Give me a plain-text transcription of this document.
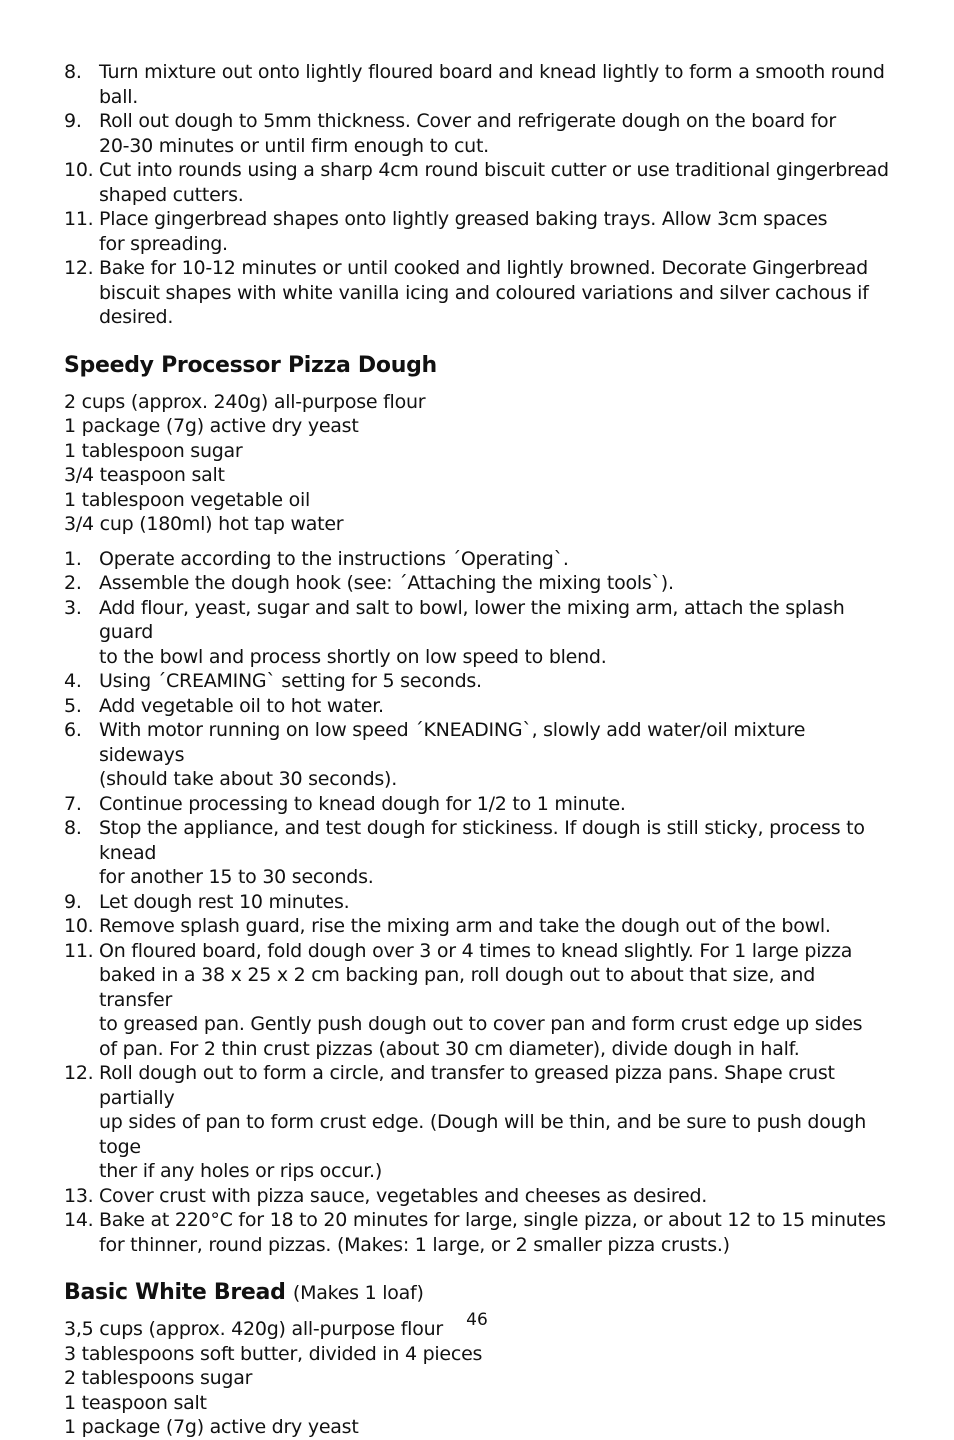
8. Turn mixture out onto lightly floured board and knead lightly to form a smooth round ball.
9. Roll out dough to 5mm thickness. Cover and refrigerate dough on the board for
20-30 minutes or until firm enough to cut.
10. Cut into rounds using a sharp 4cm round biscuit cutter or use traditional gingerbread
shaped cutters.
11. Place gingerbread shapes onto lightly greased baking trays. Allow 3cm spaces
for spreading.
12. Bake for 10-12 minutes or until cooked and lightly browned. Decorate Gingerbread
biscuit shapes with white vanilla icing and coloured variations and silver cachous if
desired.
Speedy Processor Pizza Dough
2 cups (approx. 240g) all-purpose flour
1 package (7g) active dry yeast
1 tablespoon sugar
3/4 teaspoon salt
1 tablespoon vegetable oil
3/4 cup (180ml) hot tap water
1. Operate according to the instructions ´Operating`.
2. Assemble the dough hook (see: ´Attaching the mixing tools`).
3. Add flour, yeast, sugar and salt to bowl, lower the mixing arm, attach the splash guard
to the bowl and process shortly on low speed to blend.
4. Using ´CREAMING` setting for 5 seconds.
5. Add vegetable oil to hot water.
6. With motor running on low speed ´KNEADING`, slowly add water/oil mixture sideways
(should take about 30 seconds).
7. Continue processing to knead dough for 1/2 to 1 minute.
8. Stop the appliance, and test dough for stickiness. If dough is still sticky, process to knead
for another 15 to 30 seconds.
9. Let dough rest 10 minutes.
10. Remove splash guard, rise the mixing arm and take the dough out of the bowl.
11. On floured board, fold dough over 3 or 4 times to knead slightly. For 1 large pizza
baked in a 38 x 25 x 2 cm backing pan, roll dough out to about that size, and transfer
to greased pan. Gently push dough out to cover pan and form crust edge up sides
of pan. For 2 thin crust pizzas (about 30 cm diameter), divide dough in half.
12. Roll dough out to form a circle, and transfer to greased pizza pans. Shape crust partially
up sides of pan to form crust edge. (Dough will be thin, and be sure to push dough toge
ther if any holes or rips occur.)
13. Cover crust with pizza sauce, vegetables and cheeses as desired.
14. Bake at 220°C for 18 to 20 minutes for large, single pizza, or about 12 to 15 minutes
for thinner, round pizzas. (Makes: 1 large, or 2 smaller pizza crusts.)
Basic White Bread (Makes 1 loaf)
3,5 cups (approx. 420g) all-purpose flour
3 tablespoons soft butter, divided in 4 pieces
2 tablespoons sugar
1 teaspoon salt
1 package (7g) active dry yeast
46
